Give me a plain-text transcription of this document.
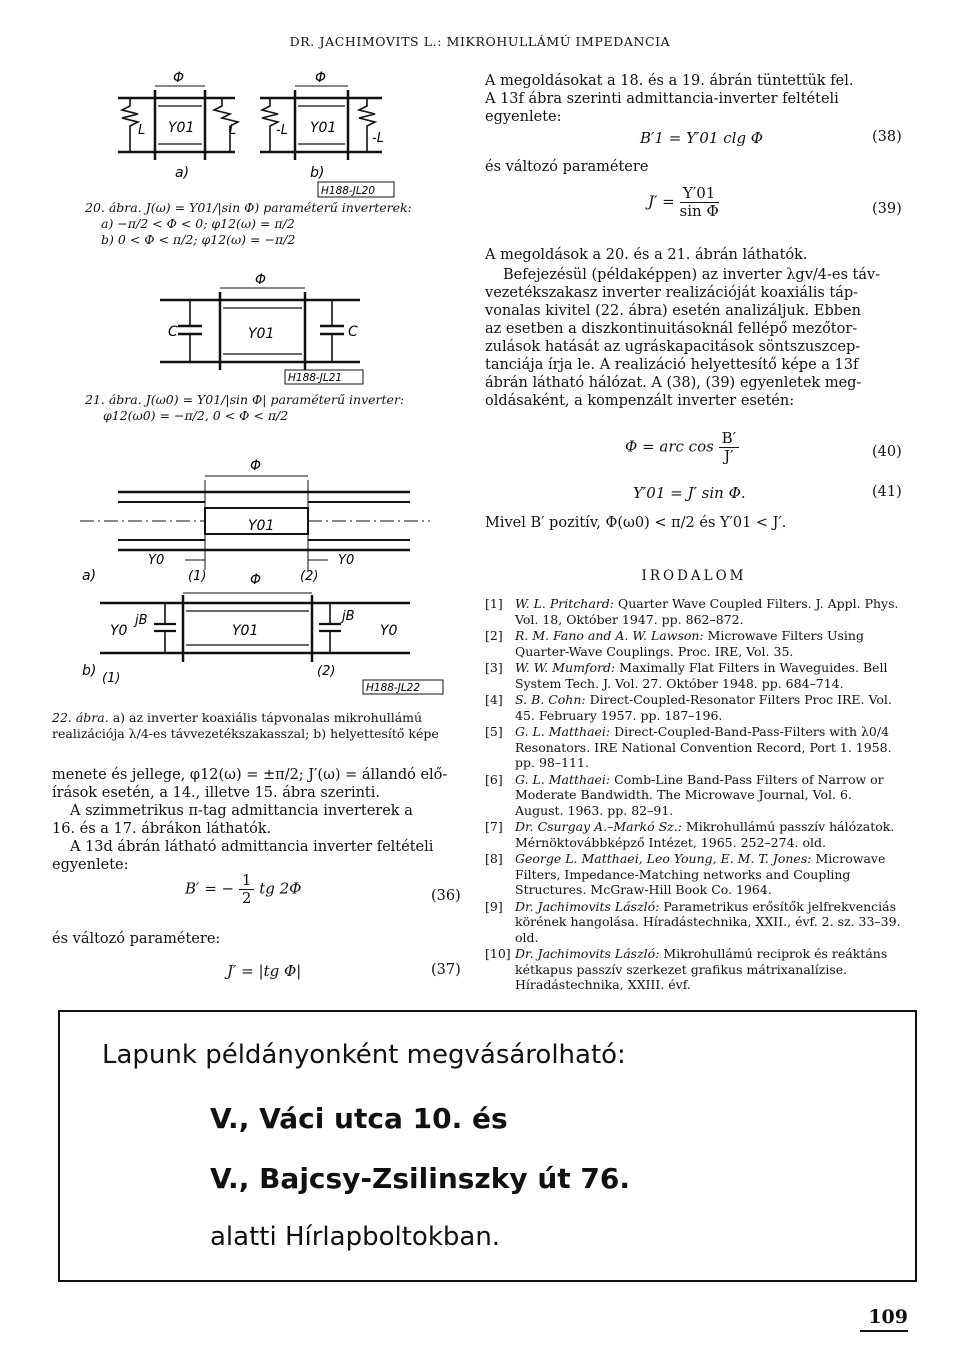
DR. JACHIMOVITS L.: MIKROHULLÁMÚ IMPEDANCIA
Φ	Φ
Y01	Y01
L	L	-L
-L
a)	b)
H188-JL20
20. ábra. J(ω) = Y01/|sin Φ) paraméterű inverterek:
a) −π/2 < Φ < 0; φ12(ω) = π/2
b) 0 < Φ < π/2; φ12(ω) = −π/2
Φ
C	C
Y01
H188-JL21
21. ábra. J(ω0) = Y01/|sin Φ| paraméterű inverter:
φ12(ω0) = −π/2, 0 < Φ < π/2
Φ
Y01
Y0	Y0
a)	(1)	Φ	(2)
Y0
jB
Y01
jB
Y0
b) (1)	(2)
H188-JL22
22. ábra. a) az inverter koaxiális tápvonalas mikrohullámú
realizációja λ/4-es távvezetékszakasszal; b) helyettesítő képe

menete és jellege, φ12(ω) = ±π/2; J′(ω) = állandó elő-

írások esetén, a 14., illetve 15. ábra szerinti.

A szimmetrikus π-tag admittancia inverterek a

16. és a 17. ábrákon láthatók.

A 13d ábrán látható admittancia inverter feltételi

egyenlete:

B′ = − $\frac{1}{2}$ tg 2Φ	(36)
és változó paramétere:
J′ = |tg Φ|	(37)

A megoldásokat a 18. és a 19. ábrán tüntettük fel.

A 13f ábra szerinti admittancia-inverter feltételi

egyenlete:

B′1 = Y′01 clg Φ	(38)
és változó paramétere
$J' = \frac{Y'01}{\text{sin Φ}}$	(39)
A megoldások a 20. és a 21. ábrán láthatók.

Befejezésül (példaképpen) az inverter λgv/4-es táv-

vezetékszakasz inverter realizációját koaxiális táp-

vonalas kivitel (22. ábra) esetén analizáljuk. Ebben

az esetben a diszkontinuitásoknál fellépő mezőtor-

zulások hatását az ugráskapacitások söntszuszcep-

tanciája írja le. A realizáció helyettesítő képe a 13f

ábrán látható hálózat. A (38), (39) egyenletek meg-

oldásaként, a kompenzált inverter esetén:

Φ = arc $\cos \frac{B'}{J'}$	(40)
Y′01 = J′ sin Φ.	(41)
Mivel B′ pozitív, Φ(ω0) < π/2 és Y′01 < J′.
IRODALOM
[1] W. L. Pritchard: Quarter Wave Coupled Filters. J. Appl. Phys. Vol. 18, Október 1947. pp. 862–872.
[2] R. M. Fano and A. W. Lawson: Microwave Filters Using Quarter-Wave Couplings. Proc. IRE, Vol. 35.
[3] W. W. Mumford: Maximally Flat Filters in Waveguides. Bell System Tech. J. Vol. 27. Október 1948. pp. 684–714.
[4] S. B. Cohn: Direct-Coupled-Resonator Filters Proc IRE. Vol. 45. February 1957. pp. 187–196.
[5] G. L. Matthaei: Direct-Coupled-Band-Pass-Filters with λ0/4 Resonators. IRE National Convention Record, Port 1. 1958. pp. 98–111.
[6] G. L. Matthaei: Comb-Line Band-Pass Filters of Narrow or Moderate Bandwidth. The Microwave Journal, Vol. 6. August. 1963. pp. 82–91.
[7] Dr. Csurgay A.–Markó Sz.: Mikrohullámú passzív hálózatok. Mérnöktovábbképző Intézet, 1965. 252–274. old.
[8] George L. Matthaei, Leo Young, E. M. T. Jones: Microwave Filters, Impedance-Matching networks and Coupling Structures. McGraw-Hill Book Co. 1964.
[9] Dr. Jachimovits László: Parametrikus erősítők jelfrekvenciás körének hangolása. Híradástechnika, XXII., évf. 2. sz. 33–39. old.
[10] Dr. Jachimovits László: Mikrohullámú reciprok és reáktáns kétkapus passzív szerkezet grafikus mátrixanalízise. Híradástechnika, XXIII. évf.
Lapunk példányonként megvásárolható:
V., Váci utca 10. és
V., Bajcsy-Zsilinszky út 76.
alatti Hírlapboltokban.
109
